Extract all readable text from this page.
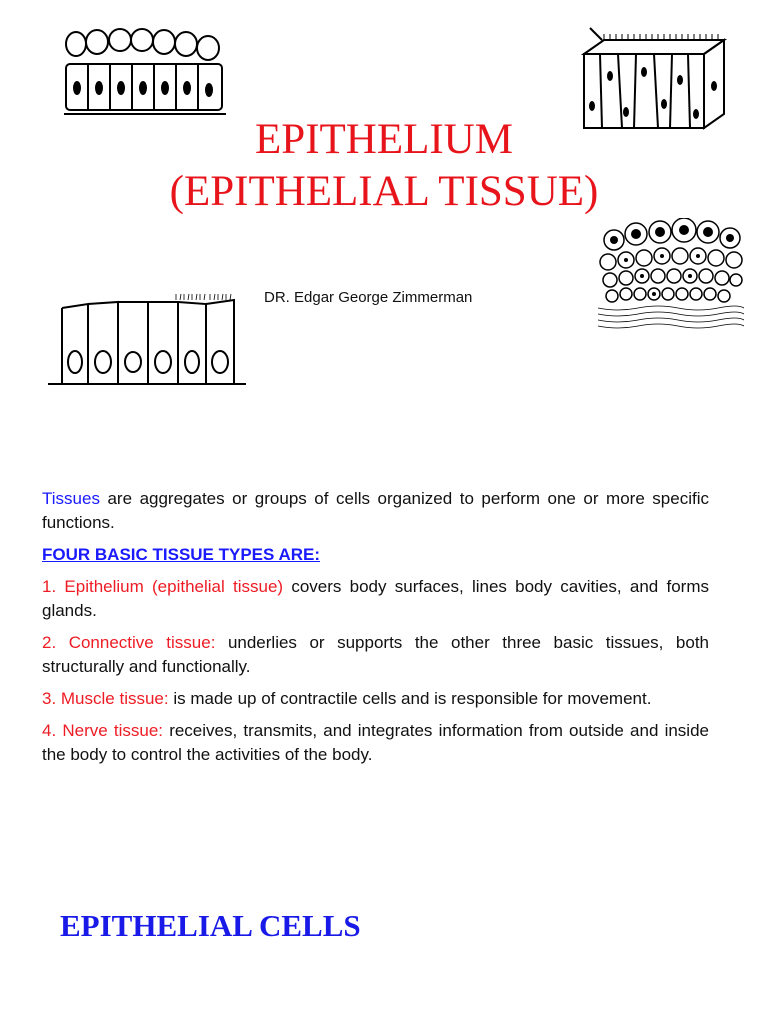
EPITHELIUM
(EPITHELIAL TISSUE)
DR. Edgar George Zimmerman

Tissues are aggregates or groups of cells organized to perform one or more specific functions.

FOUR BASIC TISSUE TYPES ARE:

1. Epithelium (epithelial tissue) covers body surfaces, lines body cavities, and forms glands.

2. Connective tissue: underlies or supports the other three basic tissues, both structurally and functionally.

3. Muscle tissue: is made up of contractile cells and is responsible for movement.

4. Nerve tissue: receives, transmits, and integrates information from outside and inside the body to control the activities of the body.

EPITHELIAL CELLS
